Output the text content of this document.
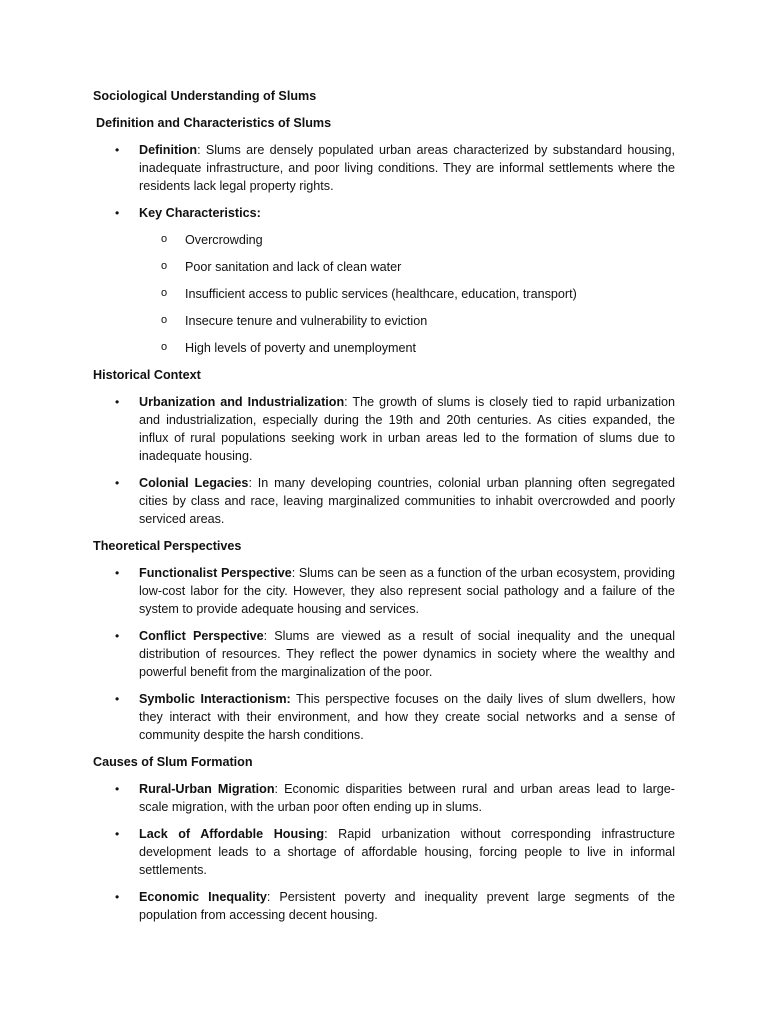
Sociological Understanding of Slums

Definition and Characteristics of Slums

• Definition: Slums are densely populated urban areas characterized by substandard housing, inadequate infrastructure, and poor living conditions. They are informal settlements where the residents lack legal property rights.
• Key Characteristics:
o Overcrowding
o Poor sanitation and lack of clean water
o Insufficient access to public services (healthcare, education, transport)
o Insecure tenure and vulnerability to eviction
o High levels of poverty and unemployment

Historical Context

• Urbanization and Industrialization: The growth of slums is closely tied to rapid urbanization and industrialization, especially during the 19th and 20th centuries. As cities expanded, the influx of rural populations seeking work in urban areas led to the formation of slums due to inadequate housing.
• Colonial Legacies: In many developing countries, colonial urban planning often segregated cities by class and race, leaving marginalized communities to inhabit overcrowded and poorly serviced areas.

Theoretical Perspectives

• Functionalist Perspective: Slums can be seen as a function of the urban ecosystem, providing low-cost labor for the city. However, they also represent social pathology and a failure of the system to provide adequate housing and services.
• Conflict Perspective: Slums are viewed as a result of social inequality and the unequal distribution of resources. They reflect the power dynamics in society where the wealthy and powerful benefit from the marginalization of the poor.
• Symbolic Interactionism: This perspective focuses on the daily lives of slum dwellers, how they interact with their environment, and how they create social networks and a sense of community despite the harsh conditions.

Causes of Slum Formation

• Rural-Urban Migration: Economic disparities between rural and urban areas lead to large-scale migration, with the urban poor often ending up in slums.
• Lack of Affordable Housing: Rapid urbanization without corresponding infrastructure development leads to a shortage of affordable housing, forcing people to live in informal settlements.
• Economic Inequality: Persistent poverty and inequality prevent large segments of the population from accessing decent housing.
